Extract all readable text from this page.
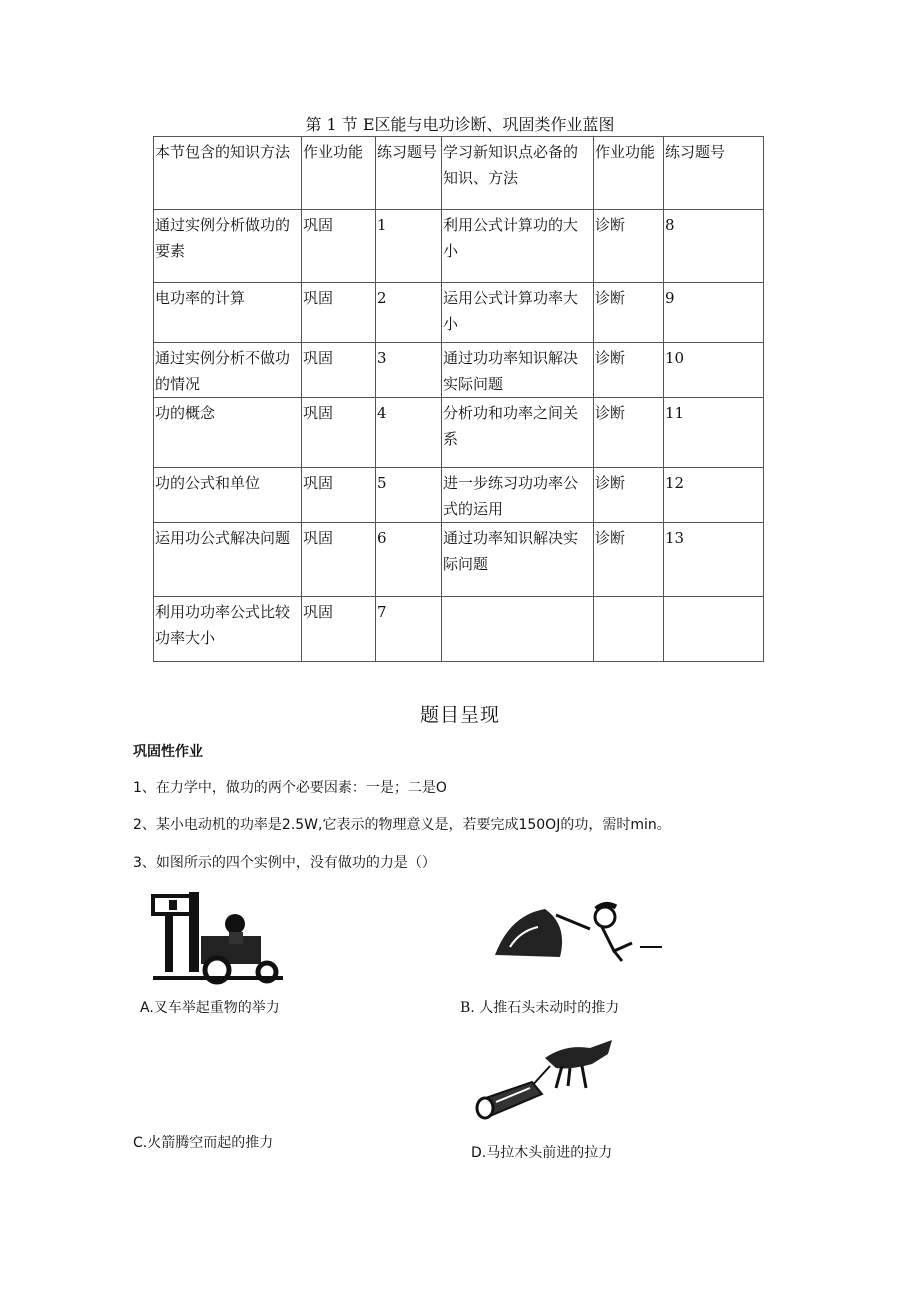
第 1 节 E区能与电功诊断、巩固类作业蓝图
本节包含的知识方法	作业功能	练习题号	学习新知识点必备的知识、方法	作业功能	练习题号
通过实例分析做功的要素	巩固	1	利用公式计算功的大小	诊断	8
电功率的计算	巩固	2	运用公式计算功率大小	诊断	9
通过实例分析不做功的情况	巩固	3	通过功功率知识解决实际问题	诊断	10
功的概念	巩固	4	分析功和功率之间关系	诊断	11
功的公式和单位	巩固	5	进一步练习功功率公式的运用	诊断	12
运用功公式解决问题	巩固	6	通过功率知识解决实际问题	诊断	13
利用功功率公式比较功率大小	巩固	7			
题目呈现
巩固性作业
1、在力学中，做功的两个必要因素：一是；二是O
2、某小电动机的功率是2.5W,它表示的物理意义是，若要完成150OJ的功，需时min。
3、如图所示的四个实例中，没有做功的力是（）
A.叉车举起重物的举力	B. 人推石头未动时的推力
C.火箭腾空而起的推力
D.马拉木头前进的拉力
